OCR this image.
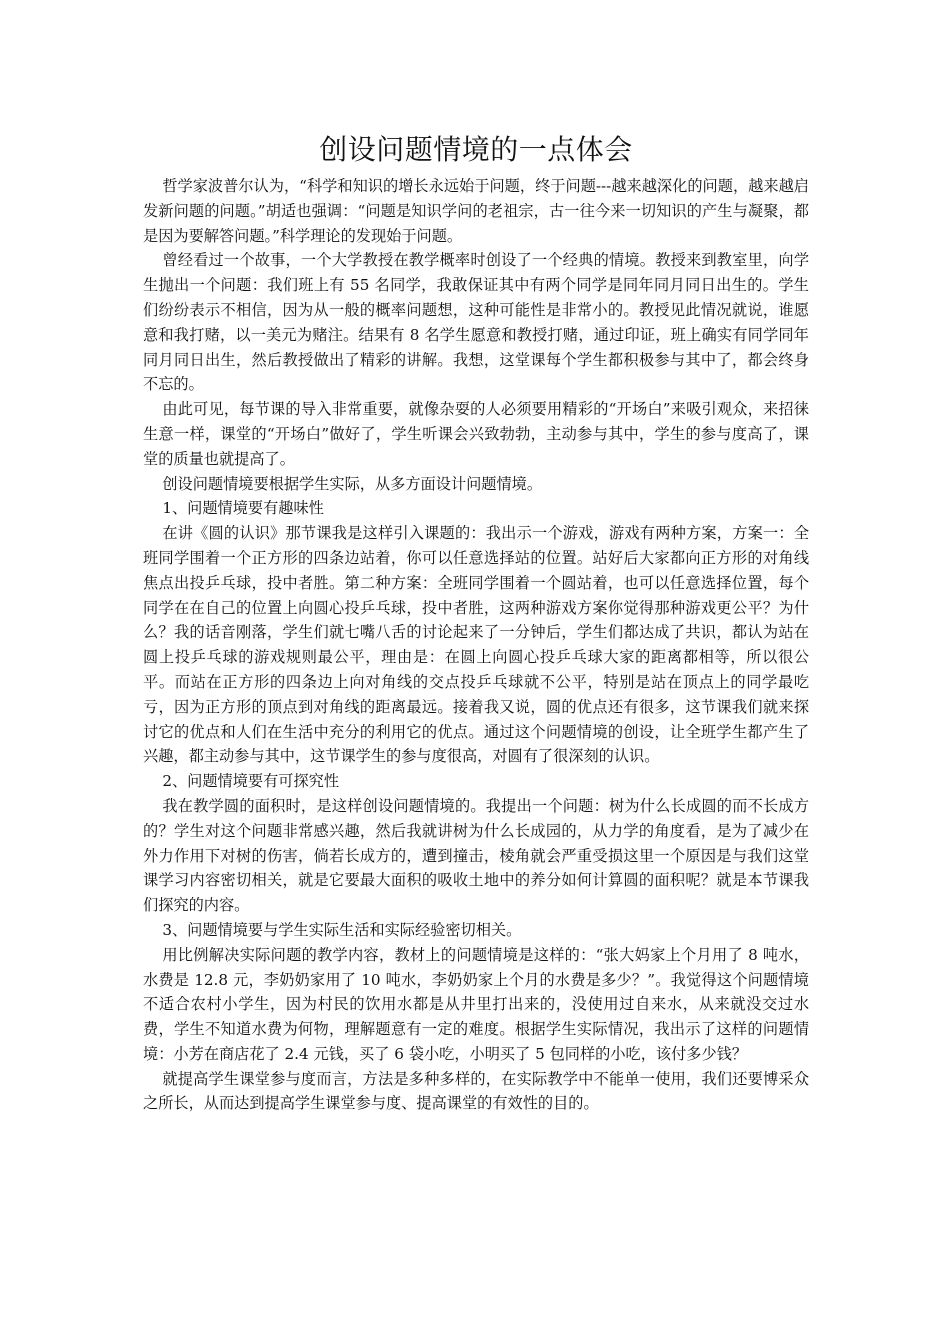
创设问题情境的一点体会

哲学家波普尔认为，“科学和知识的增长永远始于问题，终于问题---越来越深化的问题，越来越启发新问题的问题。”胡适也强调：“问题是知识学问的老祖宗，古一往今来一切知识的产生与凝聚，都是因为要解答问题。”科学理论的发现始于问题。

曾经看过一个故事，一个大学教授在教学概率时创设了一个经典的情境。教授来到教室里，向学生抛出一个问题：我们班上有 55 名同学，我敢保证其中有两个同学是同年同月同日出生的。学生们纷纷表示不相信，因为从一般的概率问题想，这种可能性是非常小的。教授见此情况就说，谁愿意和我打赌，以一美元为赌注。结果有 8 名学生愿意和教授打赌，通过印证，班上确实有同学同年同月同日出生，然后教授做出了精彩的讲解。我想，这堂课每个学生都积极参与其中了，都会终身不忘的。

由此可见，每节课的导入非常重要，就像杂耍的人必须要用精彩的“开场白”来吸引观众，来招徕生意一样，课堂的“开场白”做好了，学生听课会兴致勃勃，主动参与其中，学生的参与度高了，课堂的质量也就提高了。

创设问题情境要根据学生实际，从多方面设计问题情境。

1、问题情境要有趣味性

在讲《圆的认识》那节课我是这样引入课题的：我出示一个游戏，游戏有两种方案，方案一：全班同学围着一个正方形的四条边站着，你可以任意选择站的位置。站好后大家都向正方形的对角线焦点出投乒乓球，投中者胜。第二种方案：全班同学围着一个圆站着，也可以任意选择位置，每个同学在在自己的位置上向圆心投乒乓球，投中者胜，这两种游戏方案你觉得那种游戏更公平？为什么？我的话音刚落，学生们就七嘴八舌的讨论起来了一分钟后，学生们都达成了共识，都认为站在圆上投乒乓球的游戏规则最公平，理由是：在圆上向圆心投乒乓球大家的距离都相等，所以很公平。而站在正方形的四条边上向对角线的交点投乒乓球就不公平，特别是站在顶点上的同学最吃亏，因为正方形的顶点到对角线的距离最远。接着我又说，圆的优点还有很多，这节课我们就来探讨它的优点和人们在生活中充分的利用它的优点。通过这个问题情境的创设，让全班学生都产生了兴趣，都主动参与其中，这节课学生的参与度很高，对圆有了很深刻的认识。

2、问题情境要有可探究性

我在教学圆的面积时，是这样创设问题情境的。我提出一个问题：树为什么长成圆的而不长成方的？学生对这个问题非常感兴趣，然后我就讲树为什么长成园的，从力学的角度看，是为了减少在外力作用下对树的伤害，倘若长成方的，遭到撞击，棱角就会严重受损这里一个原因是与我们这堂课学习内容密切相关，就是它要最大面积的吸收土地中的养分如何计算圆的面积呢？就是本节课我们探究的内容。

3、问题情境要与学生实际生活和实际经验密切相关。

用比例解决实际问题的教学内容，教材上的问题情境是这样的：“张大妈家上个月用了 8 吨水，水费是 12.8 元，李奶奶家用了 10 吨水，李奶奶家上个月的水费是多少？”。我觉得这个问题情境不适合农村小学生，因为村民的饮用水都是从井里打出来的，没使用过自来水，从来就没交过水费，学生不知道水费为何物，理解题意有一定的难度。根据学生实际情况，我出示了这样的问题情境：小芳在商店花了 2.4 元钱，买了 6 袋小吃，小明买了 5 包同样的小吃，该付多少钱？

就提高学生课堂参与度而言，方法是多种多样的，在实际教学中不能单一使用，我们还要博采众之所长，从而达到提高学生课堂参与度、提高课堂的有效性的目的。
